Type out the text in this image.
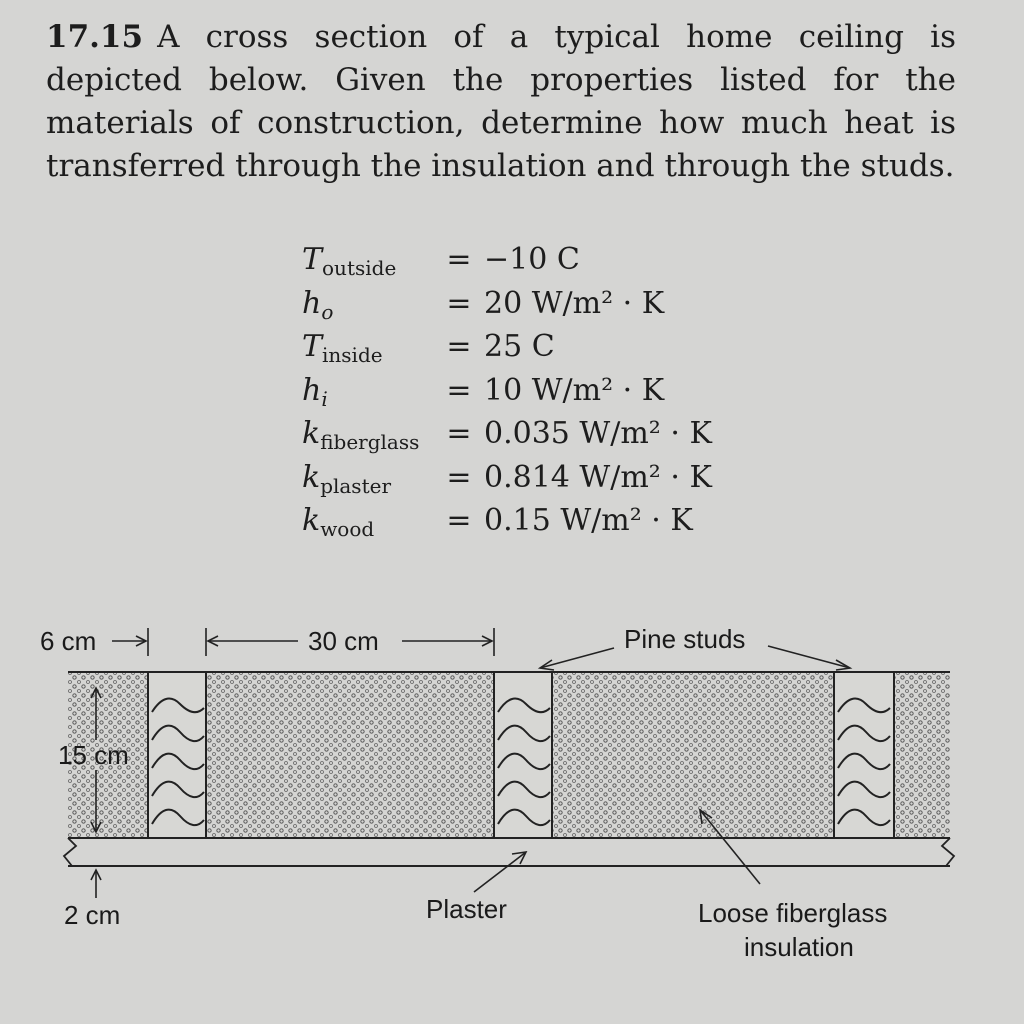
17.15 A cross section of a typical home ceiling is depicted below. Given the properties listed for the materials of construction, determine how much heat is transferred through the insulation and through the studs.
$T_{outside}$	= −10 C
$h_o$	= 20 W/m² · K
$T_{inside}$	= 25 C
$h_i$	= 10 W/m² · K
$k_{fiberglass} = 0.035$ W/m² · K
$k_{plaster}$	= 0.814 W/m² · K
$k_{wood}$	= 0.15 W/m² · K
6 cm	30 cm	Pine studs
15 cm
2 cm	Plaster	Loose fiberglass
insulation
